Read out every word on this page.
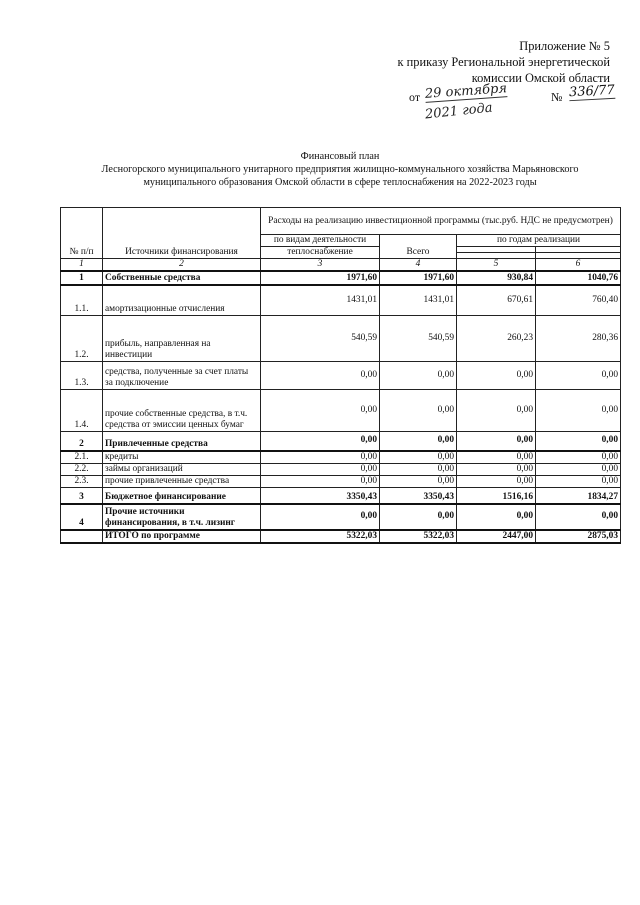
Приложение № 5
к приказу Региональной энергетической
комиссии Омской области
от 29 октября	№ 336/77
2021 года
Финансовый план
Лесногорского муниципального унитарного предприятия жилищно-коммунального хозяйства Марьяновского
муниципального образования Омской области в сфере теплоснабжения на 2022-2023 годы
№ п/п	Источники финансирования	Расходы на реализацию инвестиционной программы (тыс.руб. НДС не предусмотрен)			
		по видам деятельности	Всего	по годам реализации	
		теплоснабжение			

1	2	3	4	5	6
1	Собственные средства	1971,60	1971,60	930,84	1040,76
1.1.	амортизационные отчисления	1431,01	1431,01	670,61	760,40
1.2.	прибыль, направленная на инвестиции	540,59	540,59	260,23	280,36
1.3.	средства, полученные за счет платы за подключение	0,00	0,00	0,00	0,00
1.4.	прочие собственные средства, в т.ч. средства от эмиссии ценных бумаг	0,00	0,00	0,00	0,00
2	Привлеченные средства	0,00	0,00	0,00	0,00
2.1.	кредиты	0,00	0,00	0,00	0,00
2.2.	займы организаций	0,00	0,00	0,00	0,00
2.3.	прочие привлеченные средства	0,00	0,00	0,00	0,00
3	Бюджетное финансирование	3350,43	3350,43	1516,16	1834,27
4	Прочие источники финансирования, в т.ч. лизинг	0,00	0,00	0,00	0,00
	ИТОГО по программе	5322,03	5322,03	2447,00	2875,03
